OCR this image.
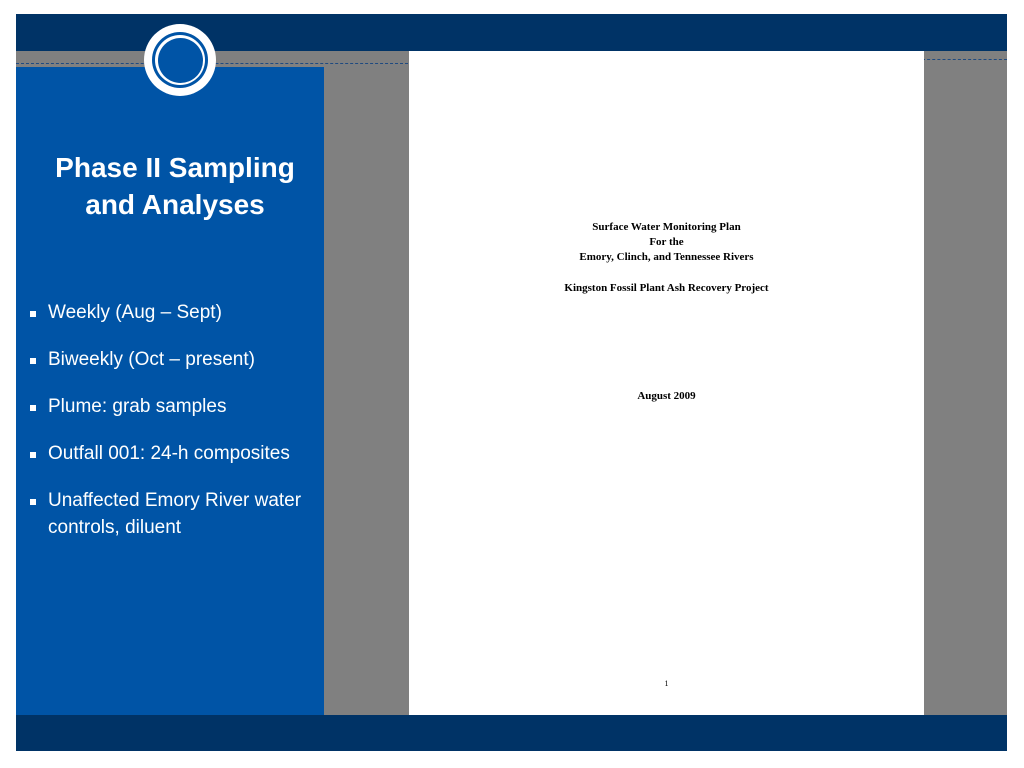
Phase II Sampling and Analyses
Weekly (Aug – Sept)
Biweekly (Oct – present)
Plume: grab samples
Outfall 001: 24-h composites
Unaffected Emory River water controls, diluent
Surface Water Monitoring Plan
For the
Emory, Clinch, and Tennessee Rivers
Kingston Fossil Plant Ash Recovery Project
August 2009
1
